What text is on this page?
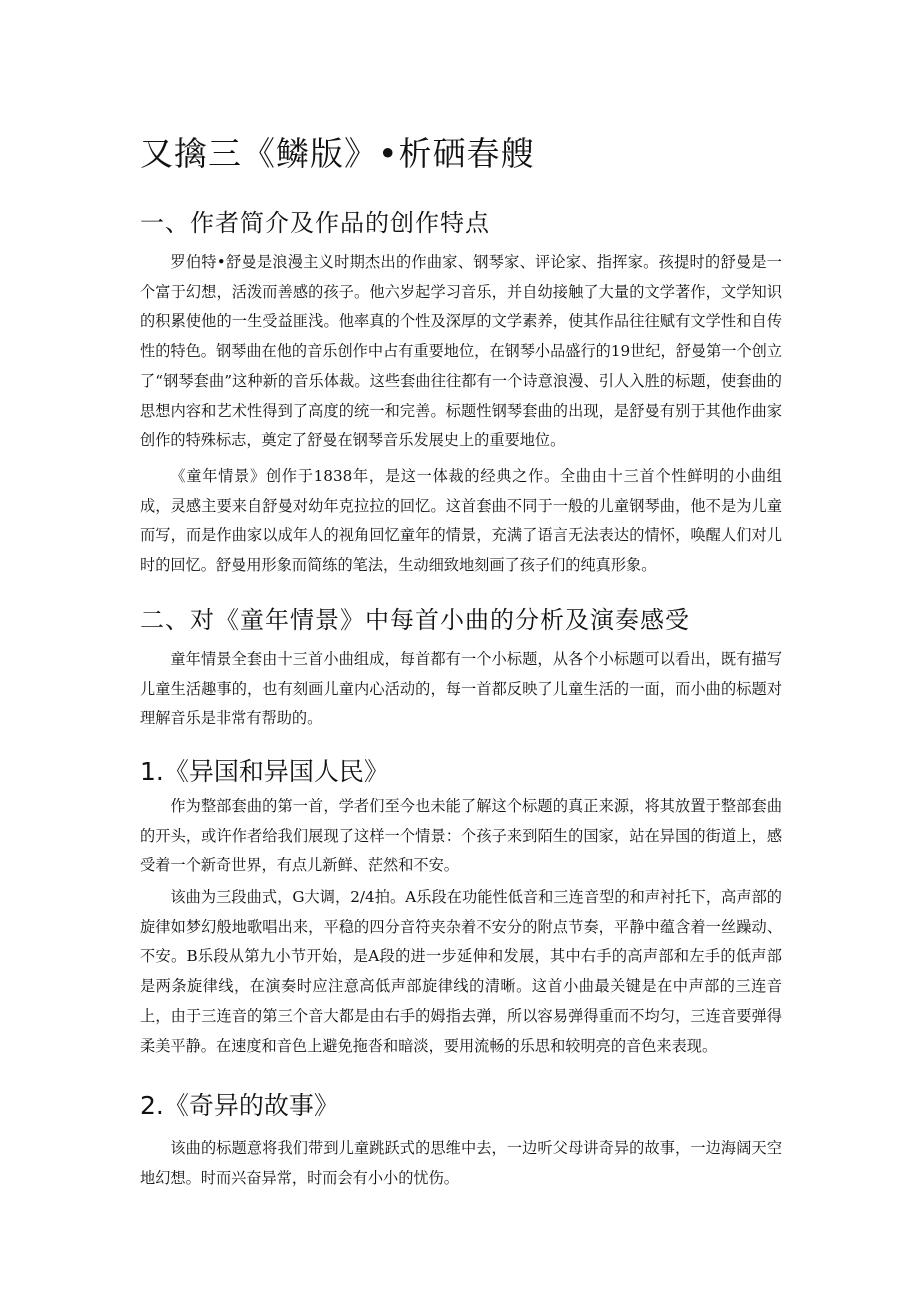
又擒三《鳞版》•析硒春艘
一、作者简介及作品的创作特点

罗伯特•舒曼是浪漫主义时期杰出的作曲家、钢琴家、评论家、指挥家。孩提时的舒曼是一个富于幻想，活泼而善感的孩子。他六岁起学习音乐，并自幼接触了大量的文学著作，文学知识的积累使他的一生受益匪浅。他率真的个性及深厚的文学素养，使其作品往往赋有文学性和自传性的特色。钢琴曲在他的音乐创作中占有重要地位，在钢琴小品盛行的19世纪，舒曼第一个创立了“钢琴套曲”这种新的音乐体裁。这些套曲往往都有一个诗意浪漫、引人入胜的标题，使套曲的思想内容和艺术性得到了高度的统一和完善。标题性钢琴套曲的出现，是舒曼有别于其他作曲家创作的特殊标志，奠定了舒曼在钢琴音乐发展史上的重要地位。

《童年情景》创作于1838年，是这一体裁的经典之作。全曲由十三首个性鲜明的小曲组成，灵感主要来自舒曼对幼年克拉拉的回忆。这首套曲不同于一般的儿童钢琴曲，他不是为儿童而写，而是作曲家以成年人的视角回忆童年的情景，充满了语言无法表达的情怀，唤醒人们对儿时的回忆。舒曼用形象而简练的笔法，生动细致地刻画了孩子们的纯真形象。

二、对《童年情景》中每首小曲的分析及演奏感受

童年情景全套由十三首小曲组成，每首都有一个小标题，从各个小标题可以看出，既有描写儿童生活趣事的，也有刻画儿童内心活动的，每一首都反映了儿童生活的一面，而小曲的标题对理解音乐是非常有帮助的。

1.《异国和异国人民》

作为整部套曲的第一首，学者们至今也未能了解这个标题的真正来源，将其放置于整部套曲的开头，或许作者给我们展现了这样一个情景：个孩子来到陌生的国家，站在异国的街道上，感受着一个新奇世界，有点儿新鲜、茫然和不安。

该曲为三段曲式，G大调，2/4拍。A乐段在功能性低音和三连音型的和声衬托下，高声部的旋律如梦幻般地歌唱出来，平稳的四分音符夹杂着不安分的附点节奏，平静中蕴含着一丝躁动、不安。B乐段从第九小节开始，是A段的进一步延伸和发展，其中右手的高声部和左手的低声部是两条旋律线，在演奏时应注意高低声部旋律线的清晰。这首小曲最关键是在中声部的三连音上，由于三连音的第三个音大都是由右手的姆指去弹，所以容易弹得重而不均匀，三连音要弹得柔美平静。在速度和音色上避免拖沓和暗淡，要用流畅的乐思和较明亮的音色来表现。

2.《奇异的故事》

该曲的标题意将我们带到儿童跳跃式的思维中去，一边听父母讲奇异的故事，一边海阔天空地幻想。时而兴奋异常，时而会有小小的忧伤。
